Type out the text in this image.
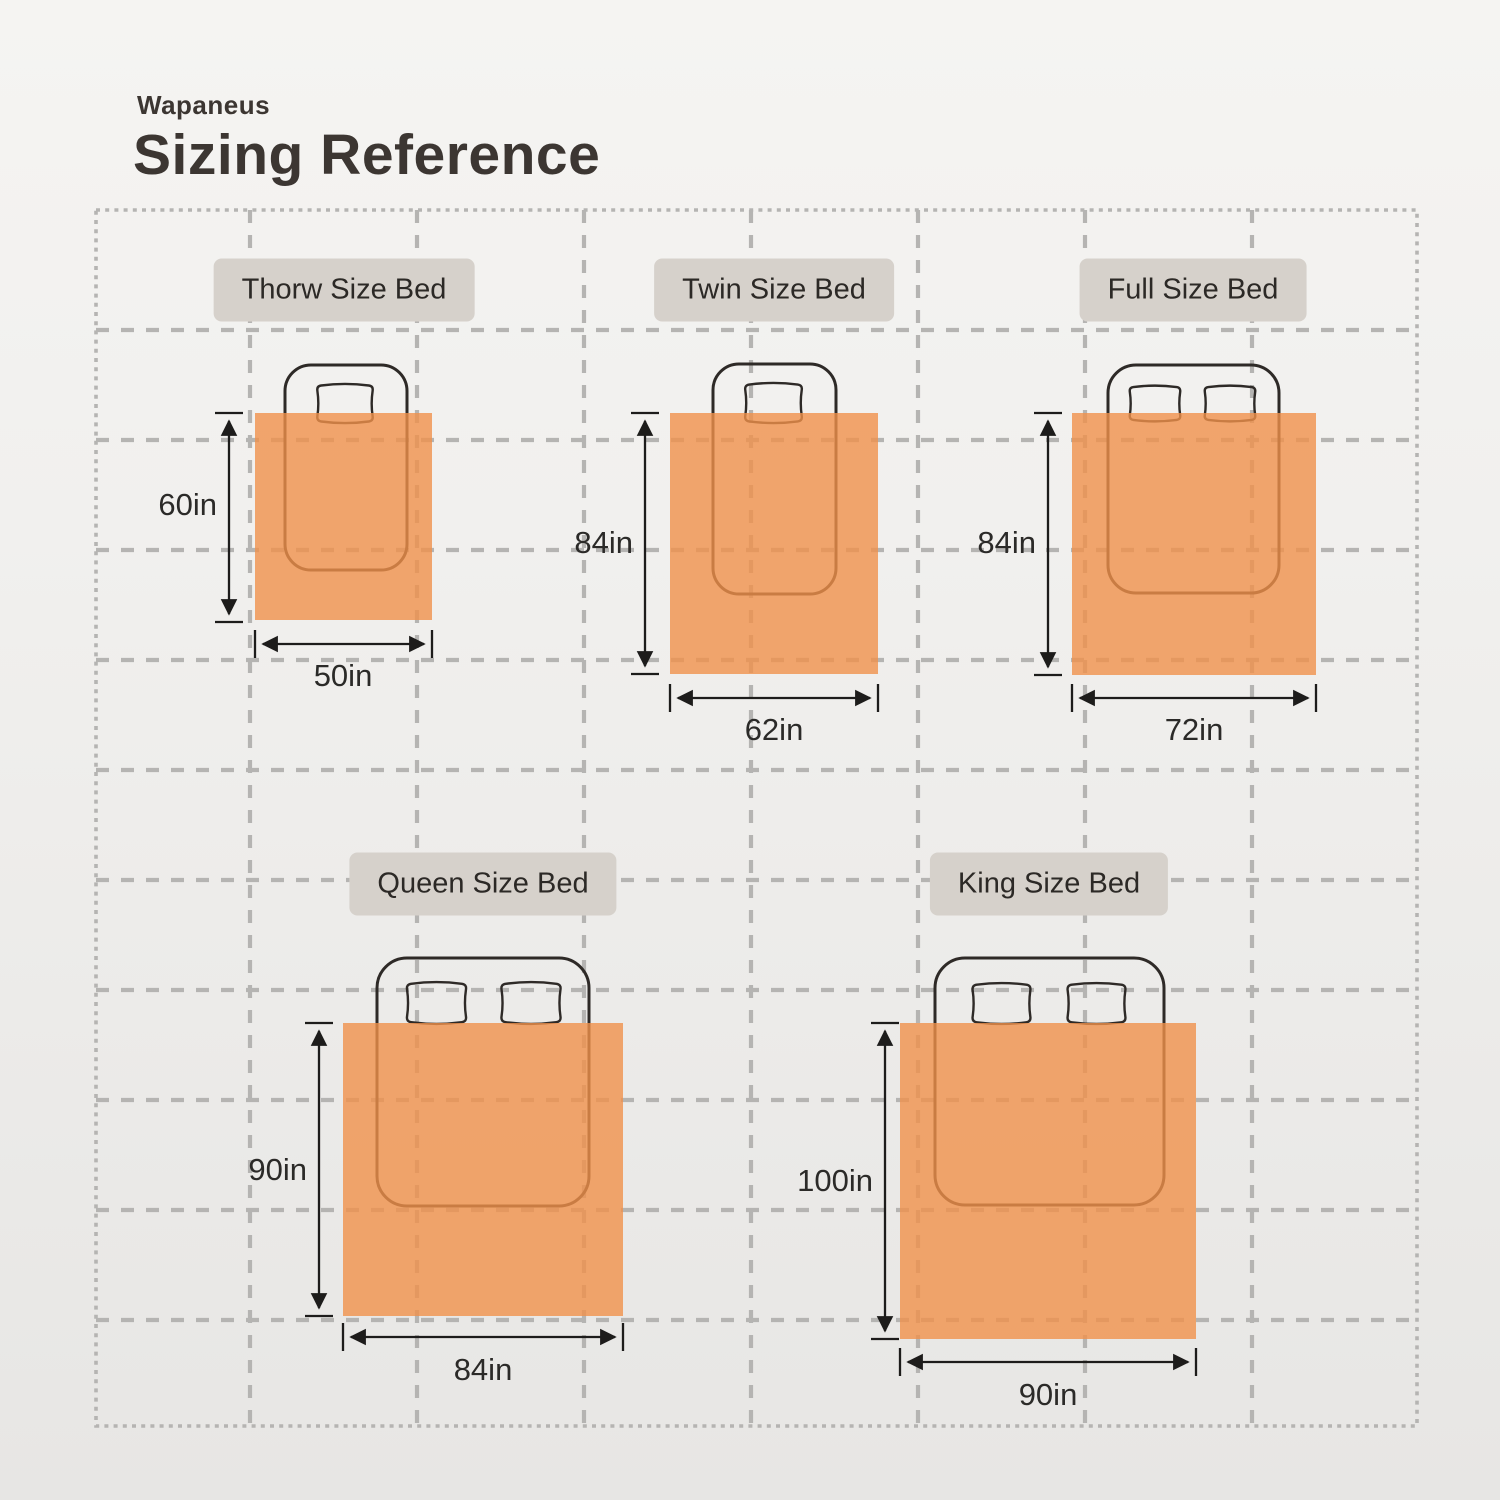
Wapaneus
Sizing Reference
Thorw Size Bed	Twin Size Bed	Full Size Bed
Queen Size Bed	King Size Bed
60in
50in
84in
62in
84in
72in
90in
84in
100in
90in
